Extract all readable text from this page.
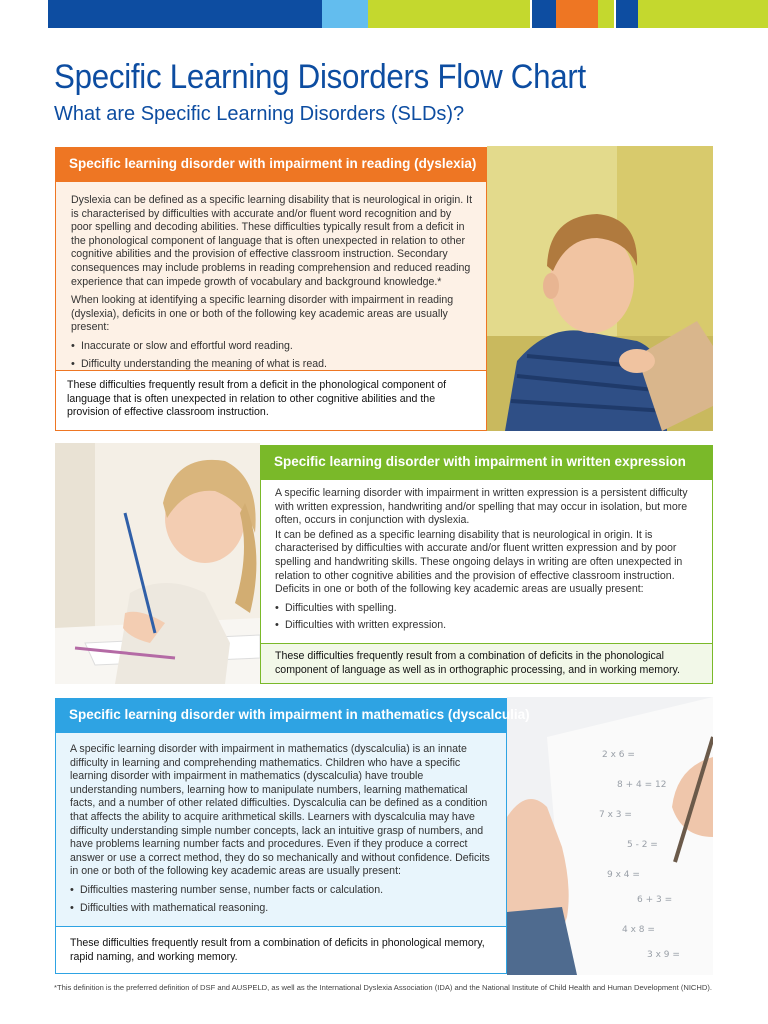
Specific Learning Disorders Flow Chart
What are Specific Learning Disorders (SLDs)?
Specific learning disorder with impairment in reading (dyslexia)

Dyslexia can be defined as a specific learning disability that is neurological in origin. It is characterised by difficulties with accurate and/or fluent word recognition and by poor spelling and decoding abilities. These difficulties typically result from a deficit in the phonological component of language that is often unexpected in relation to other cognitive abilities and the provision of effective classroom instruction. Secondary consequences may include problems in reading comprehension and reduced reading experience that can impede growth of vocabulary and background knowledge.*

When looking at identifying a specific learning disorder with impairment in reading (dyslexia), deficits in one or both of the following key academic areas are usually present:

• Inaccurate or slow and effortful word reading.
• Difficulty understanding the meaning of what is read.
These difficulties frequently result from a deficit in the phonological component of language that is often unexpected in relation to other cognitive abilities and the provision of effective classroom instruction.
Specific learning disorder with impairment in written expression

A specific learning disorder with impairment in written expression is a persistent difficulty with written expression, handwriting and/or spelling that may occur in isolation, but more often, occurs in conjunction with dyslexia.

It can be defined as a specific learning disability that is neurological in origin. It is characterised by difficulties with accurate and/or fluent written expression and by poor spelling and handwriting skills. These ongoing delays in writing are often unexpected in relation to other cognitive abilities and the provision of effective classroom instruction. Deficits in one or both of the following key academic areas are usually present:

• Difficulties with spelling.
• Difficulties with written expression.
These difficulties frequently result from a combination of deficits in the phonological component of language as well as in orthographic processing, and in working memory.
2 x 6 =
8 + 4 = 12
7 x 3 =
5 - 2 =
9 x 4 =
6 + 3 =
4 x 8 =
3 x 9 =
Specific learning disorder with impairment in mathematics (dyscalculia)

A specific learning disorder with impairment in mathematics (dyscalculia) is an innate difficulty in learning and comprehending mathematics. Children who have a specific learning disorder with impairment in mathematics (dyscalculia) have trouble understanding numbers, learning how to manipulate numbers, learning mathematical facts, and a number of other related difficulties. Dyscalculia can be defined as a condition that affects the ability to acquire arithmetical skills. Learners with dyscalculia may have difficulty understanding simple number concepts, lack an intuitive grasp of numbers, and have problems learning number facts and procedures. Even if they produce a correct answer or use a correct method, they do so mechanically and without confidence. Deficits in one or both of the following key academic areas are usually present:

• Difficulties mastering number sense, number facts or calculation.
• Difficulties with mathematical reasoning.
These difficulties frequently result from a combination of deficits in phonological memory, rapid naming, and working memory.
*This definition is the preferred definition of DSF and AUSPELD, as well as the International Dyslexia Association (IDA) and the National Institute of Child Health and Human Development (NICHD).
